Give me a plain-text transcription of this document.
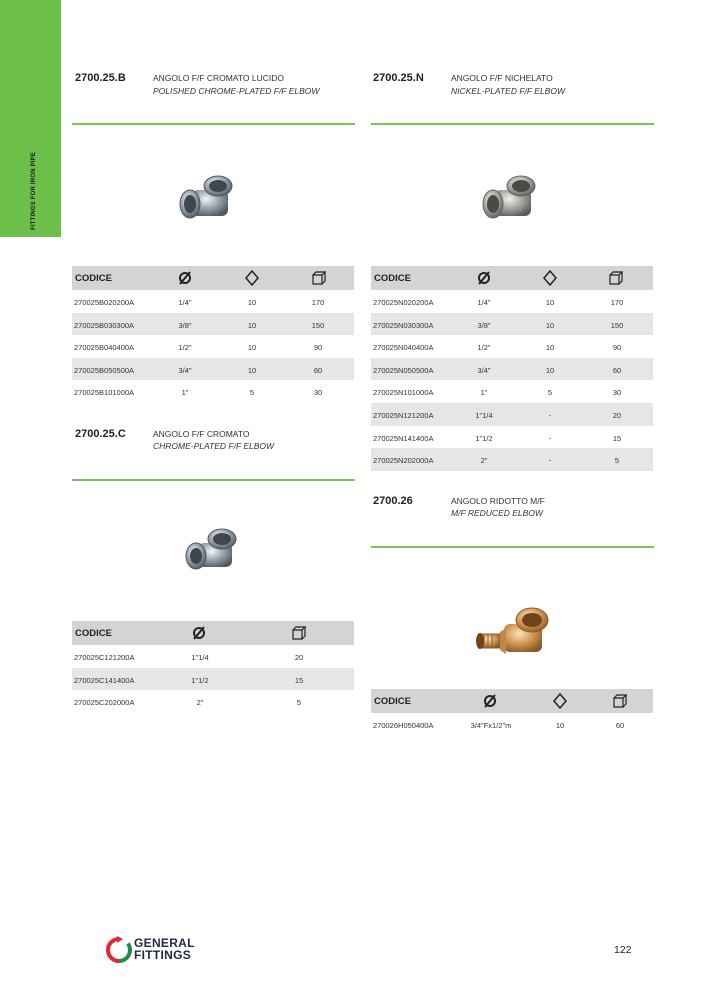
FITTINGS FOR IRON PIPE
2700.25.B	ANGOLO F/F CROMATO LUCIDO
POLISHED CHROME-PLATED F/F ELBOW
CODICE
270025B020200A	1/4"	10	170
270025B030300A	3/8"	10	150
270025B040400A	1/2"	10	90
270025B050500A	3/4"	10	60
270025B101000A	1"	5	30
2700.25.N	ANGOLO F/F NICHELATO
NICKEL-PLATED F/F ELBOW
CODICE
270025N020200A	1/4"	10	170
270025N030300A	3/8"	10	150
270025N040400A	1/2"	10	90
270025N050500A	3/4"	10	60
270025N101000A	1"	5	30
270025N121200A	1"1/4	-	20
270025N141400A	1"1/2	-	15
270025N202000A	2"	-	5
2700.25.C	ANGOLO F/F CROMATO
CHROME-PLATED F/F ELBOW
CODICE
270025C121200A	1"1/4	20
270025C141400A	1"1/2	15
270025C202000A	2"	5
2700.26	ANGOLO RIDOTTO M/F
M/F REDUCED ELBOW
CODICE
270026H050400A	3/4"Fx1/2"m	10	60
GENERAL
FITTINGS	122
